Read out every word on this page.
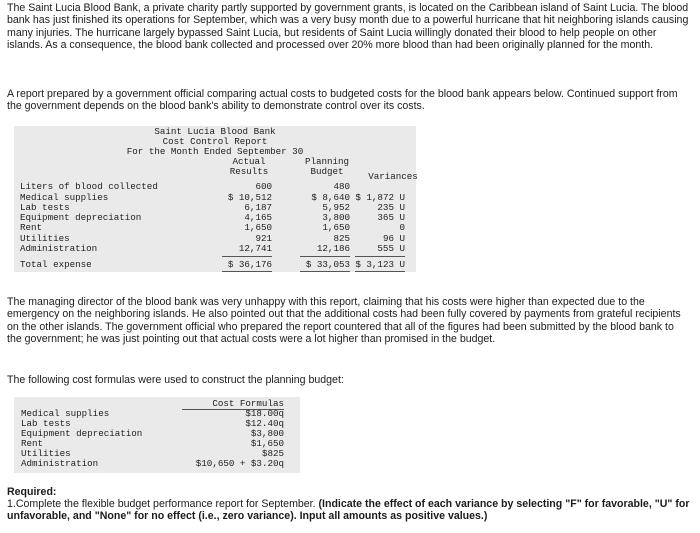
The Saint Lucia Blood Bank, a private charity partly supported by government grants, is located on the Caribbean island of Saint Lucia. The blood bank has just finished its operations for September, which was a very busy month due to a powerful hurricane that hit neighboring islands causing many injuries. The hurricane largely bypassed Saint Lucia, but residents of Saint Lucia willingly donated their blood to help people on other islands. As a consequence, the blood bank collected and processed over 20% more blood than had been originally planned for the month.

A report prepared by a government official comparing actual costs to budgeted costs for the blood bank appears below. Continued support from the government depends on the blood bank's ability to demonstrate control over its costs.

Saint Lucia Blood Bank
Cost Control Report
For the Month Ended September 30
Actual
Results
Planning
Budget	Variances
Liters of blood collected	600	480
Medical supplies	$ 10,512	$ 8,640 $ 1,872 U
Lab tests	6,187	5,952	235 U
Equipment depreciation	4,165	3,800	365 U
Rent	1,650	1,650	0
Utilities	921	825	96 U
Administration	12,741	12,186	555 U
Total expense	$ 36,176	$ 33,053 $ 3,123 U

The managing director of the blood bank was very unhappy with this report, claiming that his costs were higher than expected due to the emergency on the neighboring islands. He also pointed out that the additional costs had been fully covered by payments from grateful recipients on the other islands. The government official who prepared the report countered that all of the figures had been submitted by the blood bank to the government; he was just pointing out that actual costs were a lot higher than promised in the budget.

The following cost formulas were used to construct the planning budget:

Cost Formulas
Medical supplies	$18.00q
Lab tests	$12.40q
Equipment depreciation	$3,800
Rent	$1,650
Utilities	$825
Administration	$10,650 + $3.20q

Required:

1.Complete the flexible budget performance report for September. (Indicate the effect of each variance by selecting "F" for favorable, "U" for unfavorable, and "None" for no effect (i.e., zero variance). Input all amounts as positive values.)
